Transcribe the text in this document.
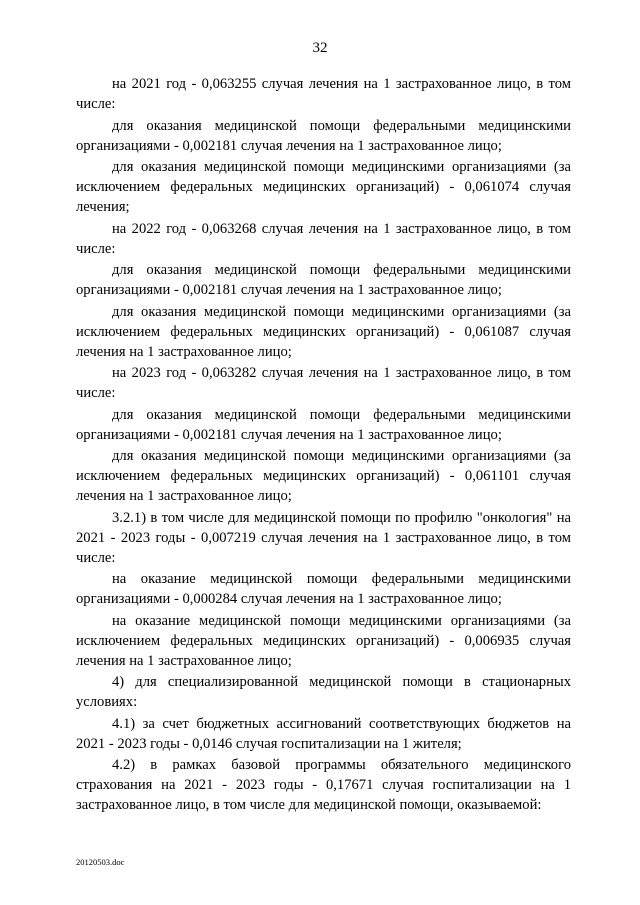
32

на 2021 год - 0,063255 случая лечения на 1 застрахованное лицо, в том числе:

для оказания медицинской помощи федеральными медицинскими организациями - 0,002181 случая лечения на 1 застрахованное лицо;

для оказания медицинской помощи медицинскими организациями (за исключением федеральных медицинских организаций) - 0,061074 случая лечения;

на 2022 год - 0,063268 случая лечения на 1 застрахованное лицо, в том числе:

для оказания медицинской помощи федеральными медицинскими организациями - 0,002181 случая лечения на 1 застрахованное лицо;

для оказания медицинской помощи медицинскими организациями (за исключением федеральных медицинских организаций) - 0,061087 случая лечения на 1 застрахованное лицо;

на 2023 год - 0,063282 случая лечения на 1 застрахованное лицо, в том числе:

для оказания медицинской помощи федеральными медицинскими организациями - 0,002181 случая лечения на 1 застрахованное лицо;

для оказания медицинской помощи медицинскими организациями (за исключением федеральных медицинских организаций) - 0,061101 случая лечения на 1 застрахованное лицо;

3.2.1) в том числе для медицинской помощи по профилю "онкология" на 2021 - 2023 годы - 0,007219 случая лечения на 1 застрахованное лицо, в том числе:

на оказание медицинской помощи федеральными медицинскими организациями - 0,000284 случая лечения на 1 застрахованное лицо;

на оказание медицинской помощи медицинскими организациями (за исключением федеральных медицинских организаций) - 0,006935 случая лечения на 1 застрахованное лицо;

4) для специализированной медицинской помощи в стационарных условиях:

4.1) за счет бюджетных ассигнований соответствующих бюджетов на 2021 - 2023 годы - 0,0146 случая госпитализации на 1 жителя;

4.2) в рамках базовой программы обязательного медицинского страхования на 2021 - 2023 годы - 0,17671 случая госпитализации на 1 застрахованное лицо, в том числе для медицинской помощи, оказываемой:

20120503.doc
